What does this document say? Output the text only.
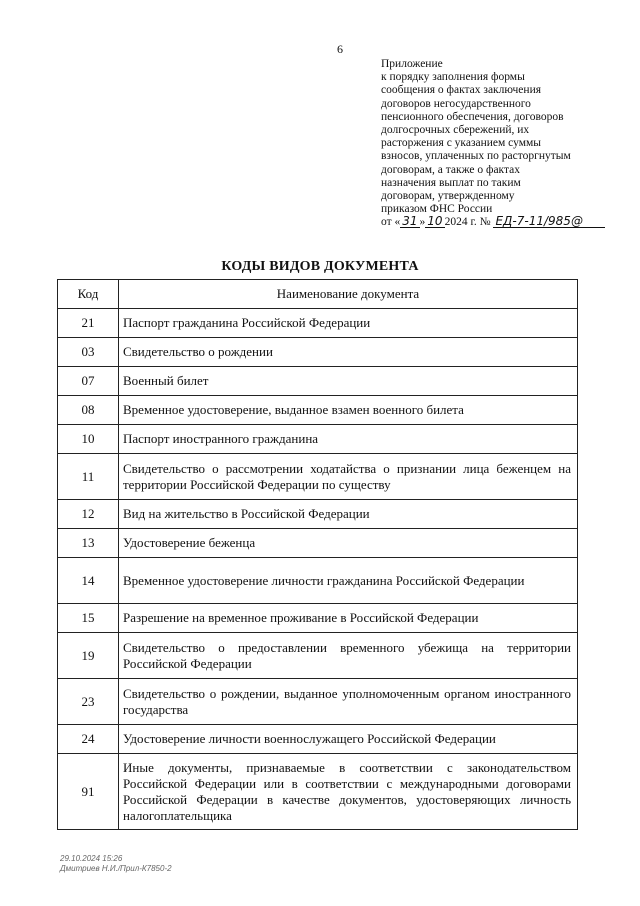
6
Приложение
к порядку заполнения формы
сообщения о фактах заключения
договоров негосударственного
пенсионного обеспечения, договоров
долгосрочных сбережений, их
расторжения с указанием суммы
взносов, уплаченных по расторгнутым
договорам, а также о фактах
назначения выплат по таким
договорам, утвержденному
приказом ФНС России
от « 31 » 10 2024 г. № ЕД-7-11/985@
КОДЫ ВИДОВ ДОКУМЕНТА
Код	Наименование документа
21	Паспорт гражданина Российской Федерации
03	Свидетельство о рождении
07	Военный билет
08	Временное удостоверение, выданное взамен военного билета
10	Паспорт иностранного гражданина
11	Свидетельство о рассмотрении ходатайства о признании лица беженцем на территории Российской Федерации по существу
12	Вид на жительство в Российской Федерации
13	Удостоверение беженца
14	Временное удостоверение личности гражданина Российской Федерации
15	Разрешение на временное проживание в Российской Федерации
19	Свидетельство о предоставлении временного убежища на территории Российской Федерации
23	Свидетельство о рождении, выданное уполномоченным органом иностранного государства
24	Удостоверение личности военнослужащего Российской Федерации
91	Иные документы, признаваемые в соответствии с законодательством Российской Федерации или в соответствии с международными договорами Российской Федерации в качестве документов, удостоверяющих личность налогоплательщика
29.10.2024 15:26
Дмитриев Н.И./Прил-К7850-2
